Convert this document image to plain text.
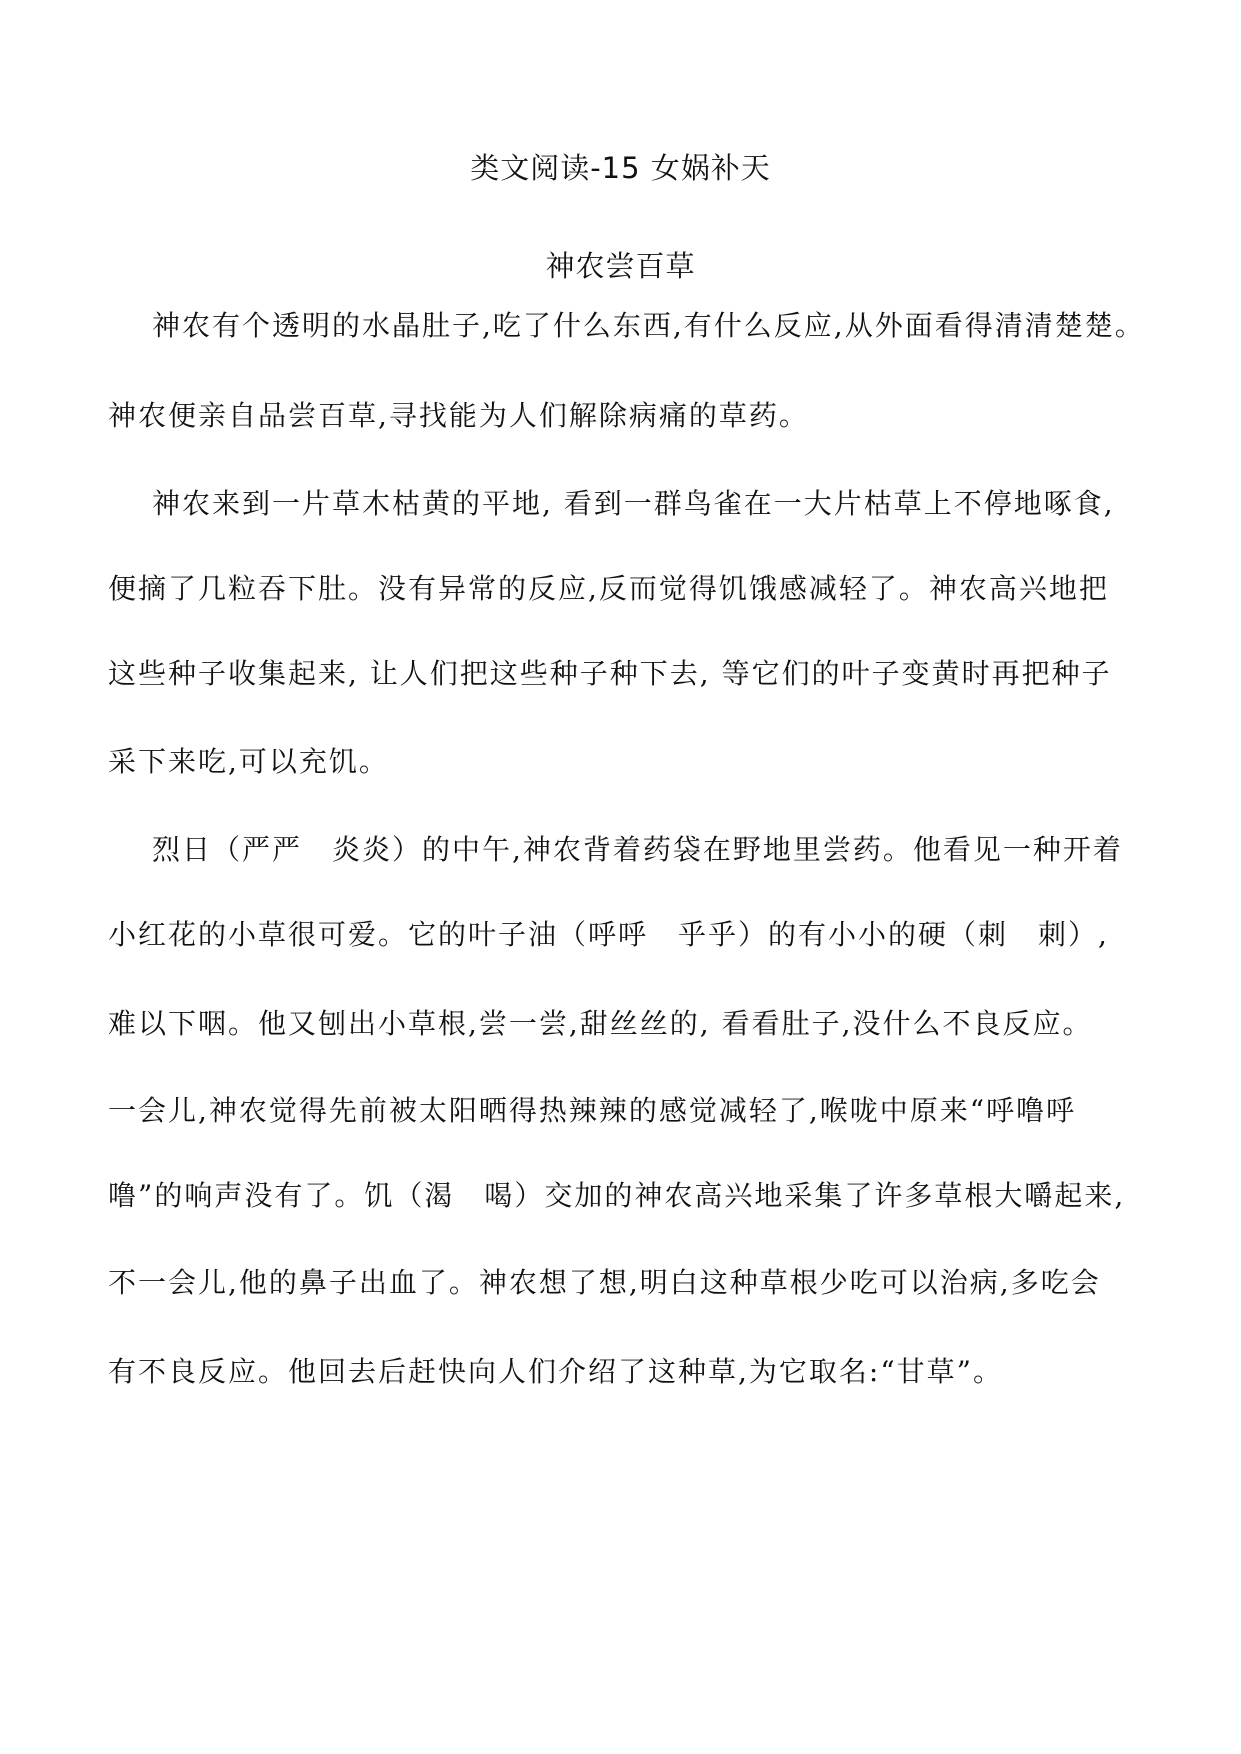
类文阅读-15 女娲补天
神农尝百草

神农有个透明的水晶肚子,吃了什么东西,有什么反应,从外面看得清清楚楚。

神农便亲自品尝百草,寻找能为人们解除病痛的草药。

神农来到一片草木枯黄的平地, 看到一群鸟雀在一大片枯草上不停地啄食,

便摘了几粒吞下肚。没有异常的反应,反而觉得饥饿感减轻了。神农高兴地把

这些种子收集起来, 让人们把这些种子种下去, 等它们的叶子变黄时再把种子

采下来吃,可以充饥。

烈日（严严　炎炎）的中午,神农背着药袋在野地里尝药。他看见一种开着

小红花的小草很可爱。它的叶子油（呼呼　乎乎）的有小小的硬（刺　刺）,

难以下咽。他又刨出小草根,尝一尝,甜丝丝的, 看看肚子,没什么不良反应。

一会儿,神农觉得先前被太阳晒得热辣辣的感觉减轻了,喉咙中原来“呼噜呼

噜”的响声没有了。饥（渴　喝）交加的神农高兴地采集了许多草根大嚼起来,

不一会儿,他的鼻子出血了。神农想了想,明白这种草根少吃可以治病,多吃会

有不良反应。他回去后赶快向人们介绍了这种草,为它取名:“甘草”。
